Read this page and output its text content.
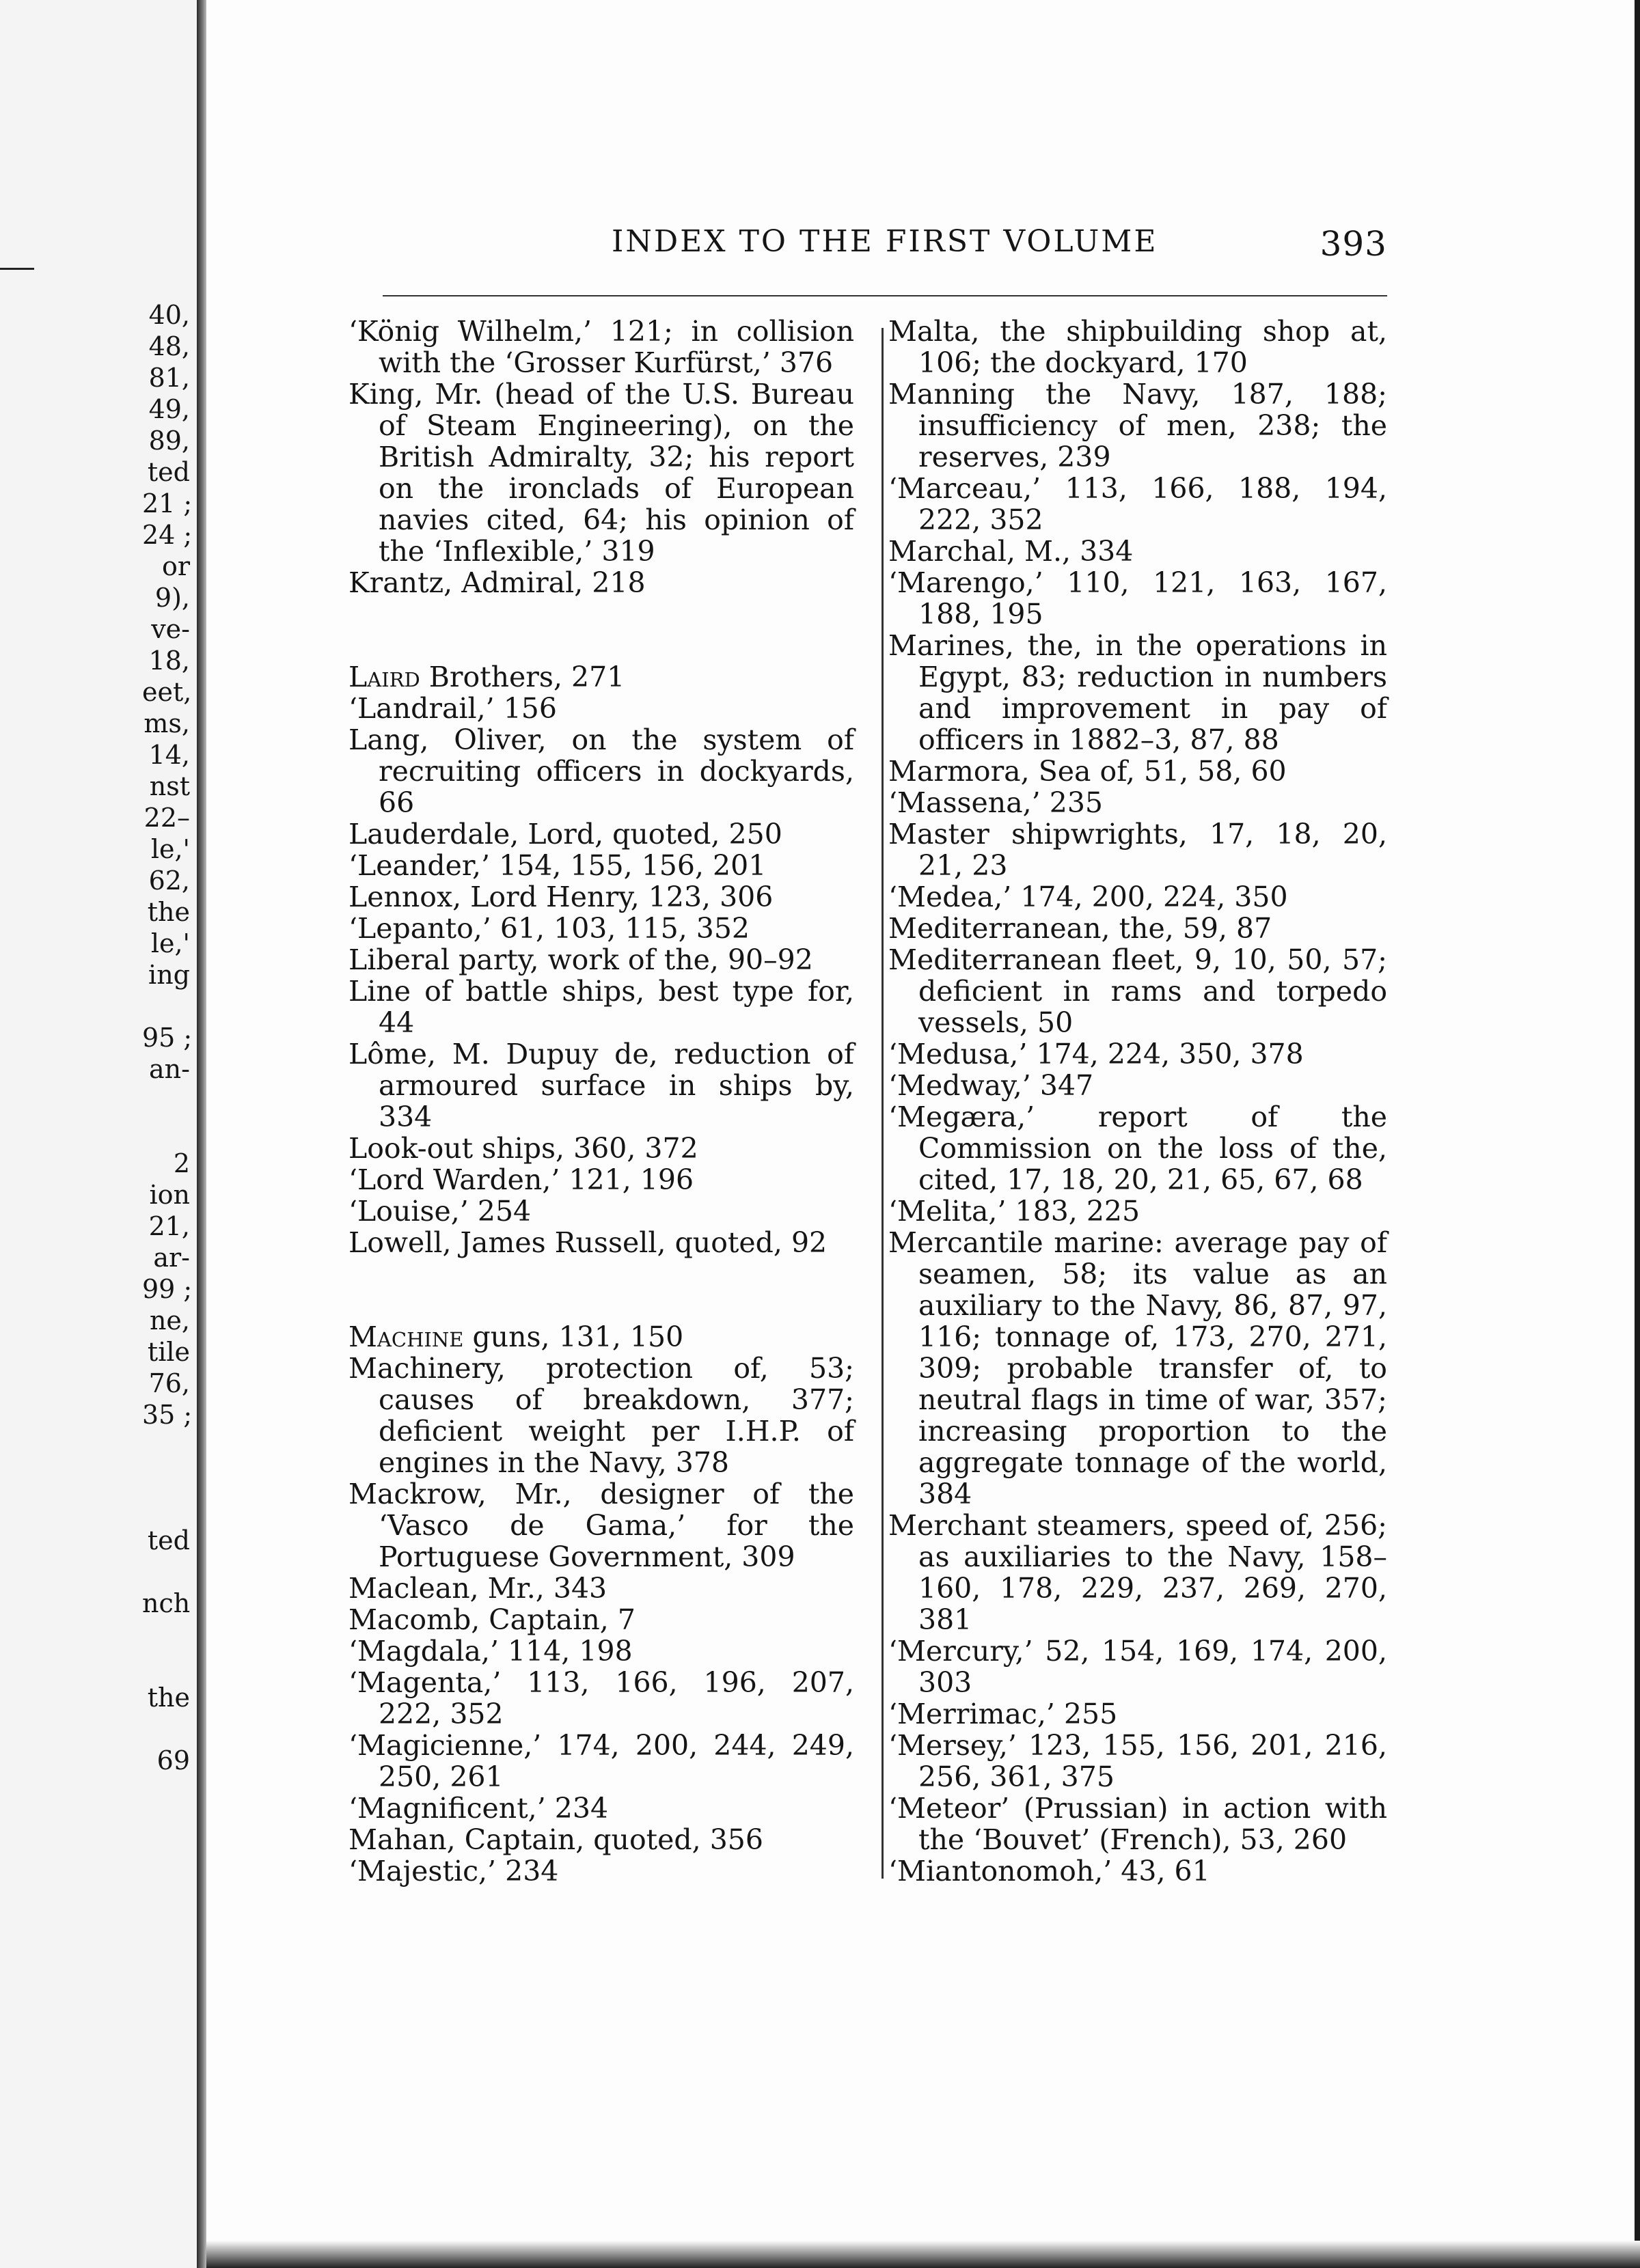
40,
48,
81,
49,
89,
ted
21 ;
24 ;
or
9),
ve-
18,
eet,
ms,
14,
nst
22–
le,'
62,
the
le,'
ing
95 ;
an-
2
ion
21,
ar-
99 ;
ne,
tile
76,
35 ;
ted
nch
the
69
INDEX TO THE FIRST VOLUME	393
‘König Wilhelm,’ 121; in collision with the ‘Grosser Kurfürst,’ 376
King, Mr. (head of the U.S. Bureau of Steam Engineering), on the British Admiralty, 32; his report on the ironclads of European navies cited, 64; his opinion of the ‘Inflexible,’ 319
Krantz, Admiral, 218
Laird Brothers, 271
‘Landrail,’ 156
Lang, Oliver, on the system of recruiting officers in dockyards, 66
Lauderdale, Lord, quoted, 250
‘Leander,’ 154, 155, 156, 201
Lennox, Lord Henry, 123, 306
‘Lepanto,’ 61, 103, 115, 352
Liberal party, work of the, 90–92
Line of battle ships, best type for, 44
Lôme, M. Dupuy de, reduction of armoured surface in ships by, 334
Look-out ships, 360, 372
‘Lord Warden,’ 121, 196
‘Louise,’ 254
Lowell, James Russell, quoted, 92
Machine guns, 131, 150
Machinery, protection of, 53; causes of breakdown, 377; deficient weight per I.H.P. of engines in the Navy, 378
Mackrow, Mr., designer of the ‘Vasco de Gama,’ for the Portuguese Government, 309
Maclean, Mr., 343
Macomb, Captain, 7
‘Magdala,’ 114, 198
‘Magenta,’ 113, 166, 196, 207, 222, 352
‘Magicienne,’ 174, 200, 244, 249, 250, 261
‘Magnificent,’ 234
Mahan, Captain, quoted, 356
‘Majestic,’ 234
Malta, the shipbuilding shop at, 106; the dockyard, 170
Manning the Navy, 187, 188; insufficiency of men, 238; the reserves, 239
‘Marceau,’ 113, 166, 188, 194, 222, 352
Marchal, M., 334
‘Marengo,’ 110, 121, 163, 167, 188, 195
Marines, the, in the operations in Egypt, 83; reduction in numbers and improvement in pay of officers in 1882–3, 87, 88
Marmora, Sea of, 51, 58, 60
‘Massena,’ 235
Master shipwrights, 17, 18, 20, 21, 23
‘Medea,’ 174, 200, 224, 350
Mediterranean, the, 59, 87
Mediterranean fleet, 9, 10, 50, 57; deficient in rams and torpedo vessels, 50
‘Medusa,’ 174, 224, 350, 378
‘Medway,’ 347
‘Megæra,’ report of the Commission on the loss of the, cited, 17, 18, 20, 21, 65, 67, 68
‘Melita,’ 183, 225
Mercantile marine: average pay of seamen, 58; its value as an auxiliary to the Navy, 86, 87, 97, 116; tonnage of, 173, 270, 271, 309; probable transfer of, to neutral flags in time of war, 357; increasing proportion to the aggregate tonnage of the world, 384
Merchant steamers, speed of, 256; as auxiliaries to the Navy, 158–160, 178, 229, 237, 269, 270, 381
‘Mercury,’ 52, 154, 169, 174, 200, 303
‘Merrimac,’ 255
‘Mersey,’ 123, 155, 156, 201, 216, 256, 361, 375
‘Meteor’ (Prussian) in action with the ‘Bouvet’ (French), 53, 260
‘Miantonomoh,’ 43, 61
